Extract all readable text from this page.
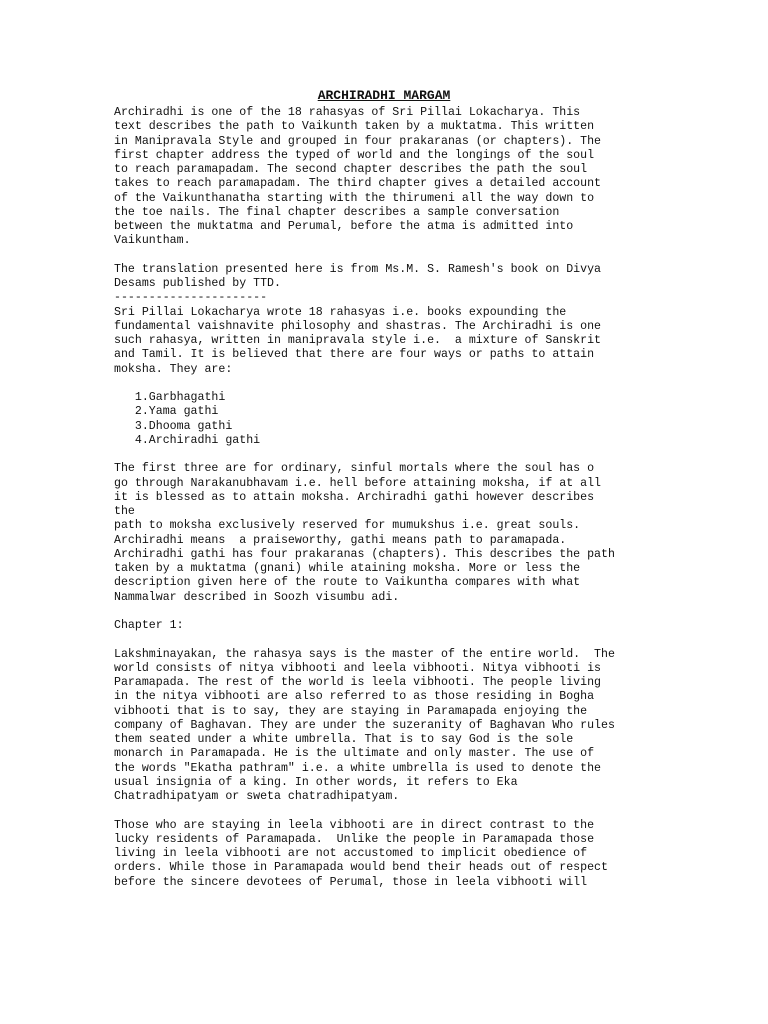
ARCHIRADHI MARGAM
Archiradhi is one of the 18 rahasyas of Sri Pillai Lokacharya. This
text describes the path to Vaikunth taken by a muktatma. This written
in Manipravala Style and grouped in four prakaranas (or chapters). The
first chapter address the typed of world and the longings of the soul
to reach paramapadam. The second chapter describes the path the soul
takes to reach paramapadam. The third chapter gives a detailed account
of the Vaikunthanatha starting with the thirumeni all the way down to
the toe nails. The final chapter describes a sample conversation
between the muktatma and Perumal, before the atma is admitted into
Vaikuntham.

The translation presented here is from Ms.M. S. Ramesh's book on Divya
Desams published by TTD.
----------------------
Sri Pillai Lokacharya wrote 18 rahasyas i.e. books expounding the
fundamental vaishnavite philosophy and shastras. The Archiradhi is one
such rahasya, written in manipravala style i.e.  a mixture of Sanskrit
and Tamil. It is believed that there are four ways or paths to attain
moksha. They are:

1.Garbhagathi
2.Yama gathi
3.Dhooma gathi
4.Archiradhi gathi

The first three are for ordinary, sinful mortals where the soul has o
go through Narakanubhavam i.e. hell before attaining moksha, if at all
it is blessed as to attain moksha. Archiradhi gathi however describes
the
path to moksha exclusively reserved for mumukshus i.e. great souls.
Archiradhi means  a praiseworthy, gathi means path to paramapada.
Archiradhi gathi has four prakaranas (chapters). This describes the path
taken by a muktatma (gnani) while ataining moksha. More or less the
description given here of the route to Vaikuntha compares with what
Nammalwar described in Soozh visumbu adi.

Chapter 1:

Lakshminayakan, the rahasya says is the master of the entire world.  The
world consists of nitya vibhooti and leela vibhooti. Nitya vibhooti is
Paramapada. The rest of the world is leela vibhooti. The people living
in the nitya vibhooti are also referred to as those residing in Bogha
vibhooti that is to say, they are staying in Paramapada enjoying the
company of Baghavan. They are under the suzeranity of Baghavan Who rules
them seated under a white umbrella. That is to say God is the sole
monarch in Paramapada. He is the ultimate and only master. The use of
the words "Ekatha pathram" i.e. a white umbrella is used to denote the
usual insignia of a king. In other words, it refers to Eka
Chatradhipatyam or sweta chatradhipatyam.

Those who are staying in leela vibhooti are in direct contrast to the
lucky residents of Paramapada.  Unlike the people in Paramapada those
living in leela vibhooti are not accustomed to implicit obedience of
orders. While those in Paramapada would bend their heads out of respect
before the sincere devotees of Perumal, those in leela vibhooti will
